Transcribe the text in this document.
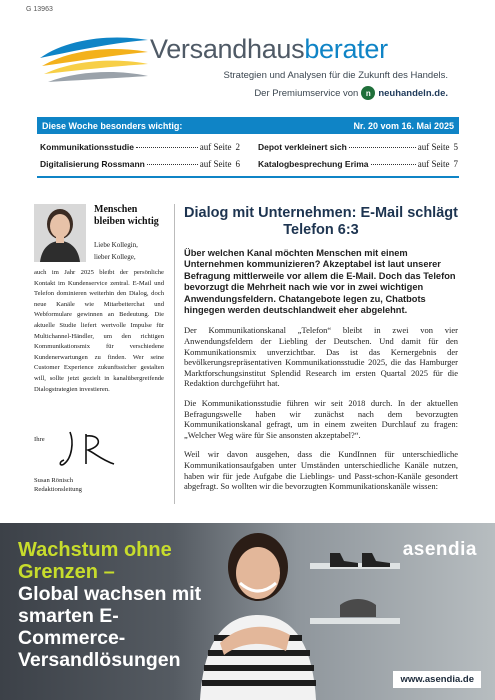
G 13963
Versandhausberater
Strategien und Analysen für die Zukunft des Handels.
Der Premiumservice von n neuhandeln.de.
Diese Woche besonders wichtig:	Nr. 20 vom 16. Mai 2025
Kommunikationsstudie	auf Seite 2 Depot verkleinert sich	auf Seite 5
Digitalisierung Rossmann	auf Seite 6 Katalogbesprechung Erima	auf Seite 7
Menschen bleiben wichtig
Liebe Kollegin,
lieber Kollege,
auch im Jahr 2025 bleibt der persönliche Kontakt im Kundenservice zentral. E-Mail und Telefon dominieren weiterhin den Dialog, doch neue Kanäle wie Mitarbeiterchat und Webformulare gewinnen an Bedeutung. Die aktuelle Studie liefert wertvolle Impulse für Multichannel-Händler, um den richtigen Kommunikationsmix für verschiedene Kundenerwartungen zu finden. Wer seine Customer Experience zukunftssicher gestalten will, sollte jetzt gezielt in kanalübergreifende Dialogstrategien investieren.
Ihre
Susan Rönisch
Redaktionsleitung
Dialog mit Unternehmen: E-Mail schlägt Telefon 6:3
Über welchen Kanal möchten Menschen mit einem Unternehmen kommunizieren? Akzeptabel ist laut unserer Befragung mittlerweile vor allem die E-Mail. Doch das Telefon bevorzugt die Mehrheit nach wie vor in zwei wichtigen Anwendungsfeldern. Chatangebote legen zu, Chatbots hingegen werden deutschlandweit eher abgelehnt.
Der Kommunikationskanal „Telefon“ bleibt in zwei von vier Anwendungsfeldern der Liebling der Deutschen. Und damit für den Kommunikationsmix unverzichtbar. Das ist das Kernergebnis der bevölkerungsrepräsentativen Kommunikationsstudie 2025, die das Hamburger Marktforschungsinstitut Splendid Research im ersten Quartal 2025 für die Redaktion durchgeführt hat.
Die Kommunikationsstudie führen wir seit 2018 durch. In der aktuellen Befragungswelle haben wir zunächst nach dem bevorzugten Kommunikationskanal gefragt, um in einem zweiten Durchlauf zu fragen: „Welcher Weg wäre für Sie ansonsten akzeptabel?“.
Weil wir davon ausgehen, dass die KundInnen für unterschiedliche Kommunikationsaufgaben unter Umständen unterschiedliche Kanäle nutzen, haben wir für jede Aufgabe die Lieblings- und Passt-schon-Kanäle gesondert abgefragt. So wollten wir die bevorzugten Kommunikationskanäle wissen:
Wachstum ohne Grenzen –
Global wachsen mit smarten E-Commerce-Versandlösungen
asendia
www.asendia.de
